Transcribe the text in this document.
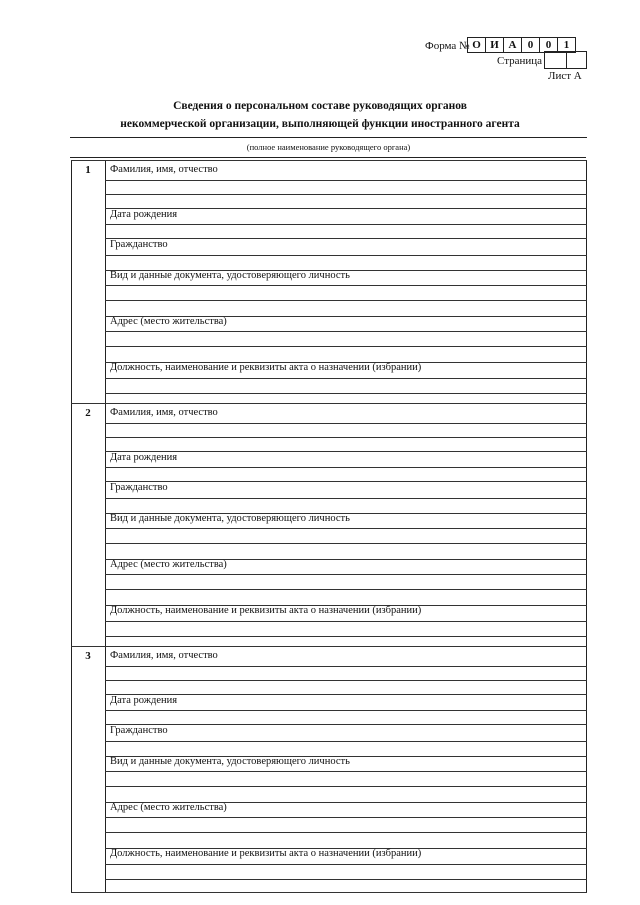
Форма № О И А	0	0	1
Страница
Лист А
Сведения о персональном составе руководящих органов
некоммерческой организации, выполняющей функции иностранного агента
(полное наименование руководящего органа)
1	Фамилия, имя, отчество
Дата рождения
Гражданство
Вид и данные документа, удостоверяющего личность
Адрес (место жительства)
Должность, наименование и реквизиты акта о назначении (избрании)
2	Фамилия, имя, отчество
Дата рождения
Гражданство
Вид и данные документа, удостоверяющего личность
Адрес (место жительства)
Должность, наименование и реквизиты акта о назначении (избрании)
3	Фамилия, имя, отчество
Дата рождения
Гражданство
Вид и данные документа, удостоверяющего личность
Адрес (место жительства)
Должность, наименование и реквизиты акта о назначении (избрании)
